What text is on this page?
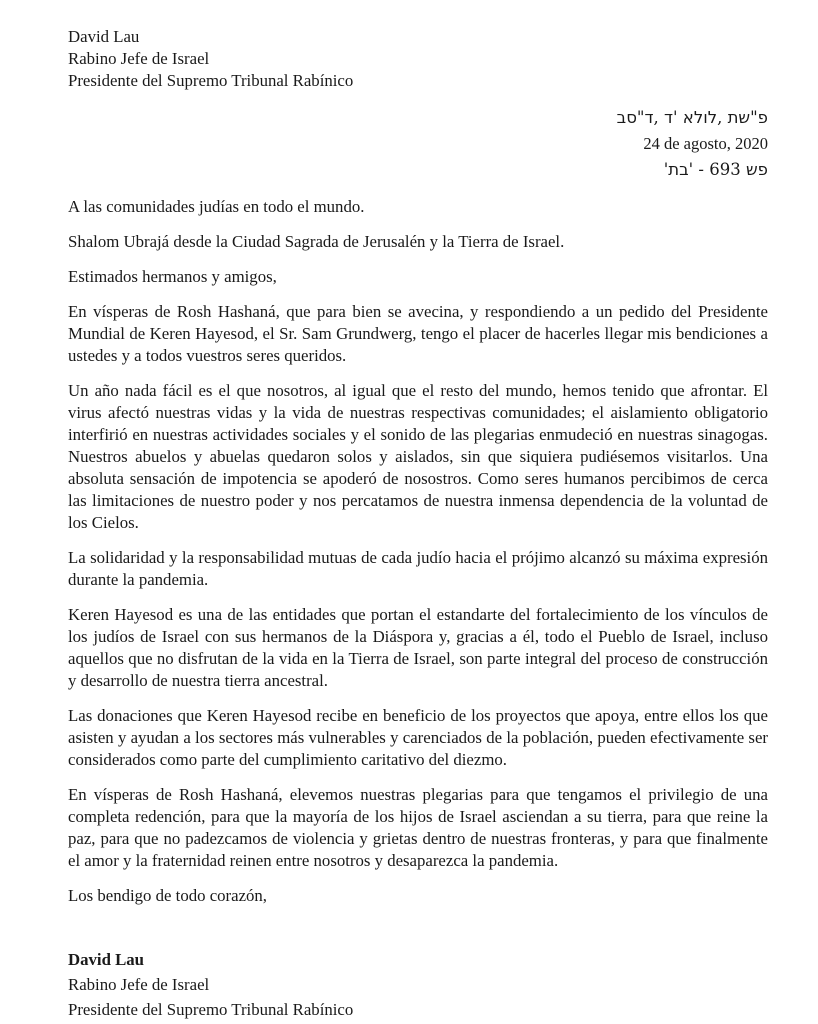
David Lau

Rabino Jefe de Israel

Presidente del Supremo Tribunal Rabínico

בס"ד, ד' אלול, תש"פ

24 de agosto, 2020

'תב' - 693 שפ

A las comunidades judías en todo el mundo.

Shalom Ubrajá desde la Ciudad Sagrada de Jerusalén y la Tierra de Israel.

Estimados hermanos y amigos,

En vísperas de Rosh Hashaná, que para bien se avecina, y respondiendo a un pedido del Presidente Mundial de Keren Hayesod, el Sr. Sam Grundwerg, tengo el placer de hacerles llegar mis bendiciones a ustedes y a todos vuestros seres queridos.

Un año nada fácil es el que nosotros, al igual que el resto del mundo, hemos tenido que afrontar. El virus afectó nuestras vidas y la vida de nuestras respectivas comunidades; el aislamiento obligatorio interfirió en nuestras actividades sociales y el sonido de las plegarias enmudeció en nuestras sinagogas. Nuestros abuelos y abuelas quedaron solos y aislados, sin que siquiera pudiésemos visitarlos. Una absoluta sensación de impotencia se apoderó de nosostros. Como seres humanos percibimos de cerca las limitaciones de nuestro poder y nos percatamos de nuestra inmensa dependencia de la voluntad de los Cielos.

La solidaridad y la responsabilidad mutuas de cada judío hacia el prójimo alcanzó su máxima expresión durante la pandemia.

Keren Hayesod es una de las entidades que portan el estandarte del fortalecimiento de los vínculos de los judíos de Israel con sus hermanos de la Diáspora y, gracias a él, todo el Pueblo de Israel, incluso aquellos que no disfrutan de la vida en la Tierra de Israel, son parte integral del proceso de construcción y desarrollo de nuestra tierra ancestral.

Las donaciones que Keren Hayesod recibe en beneficio de los proyectos que apoya, entre ellos los que asisten y ayudan a los sectores más vulnerables y carenciados de la población, pueden efectivamente ser considerados como parte del cumplimiento caritativo del diezmo.

En vísperas de Rosh Hashaná, elevemos nuestras plegarias para que tengamos el privilegio de una completa redención, para que la mayoría de los hijos de Israel asciendan a su tierra, para que reine la paz, para que no padezcamos de violencia y grietas dentro de nuestras fronteras, y para que finalmente el amor y la fraternidad reinen entre nosotros y desaparezca la pandemia.

Los bendigo de todo corazón,

David Lau

Rabino Jefe de Israel

Presidente del Supremo Tribunal Rabínico
